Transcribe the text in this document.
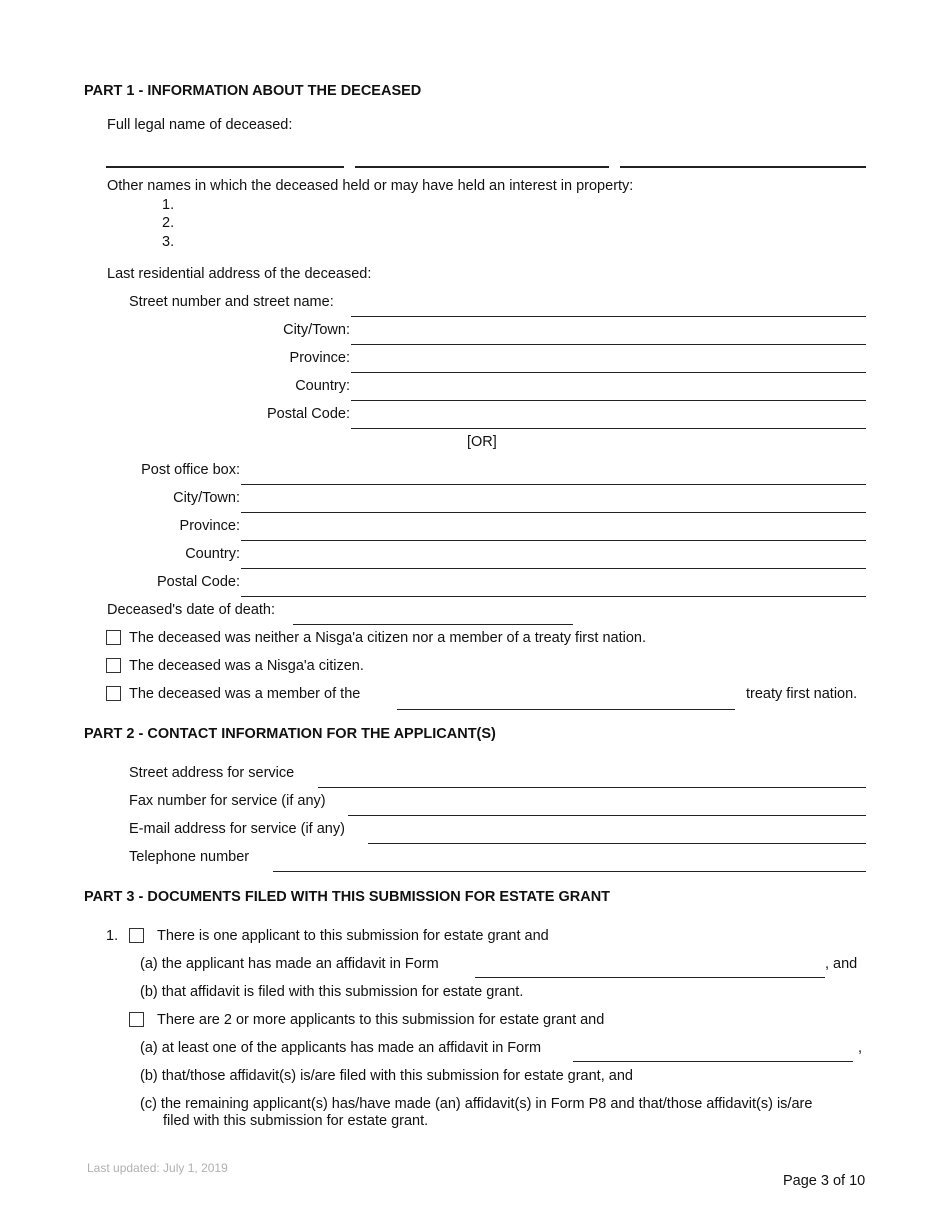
PART 1 - INFORMATION ABOUT THE DECEASED
Full legal name of deceased:
Other names in which the deceased held or may have held an interest in property:
1.
2.
3.
Last residential address of the deceased:
Street number and street name:
City/Town:
Province:
Country:
Postal Code:
[OR]
Post office box:
City/Town:
Province:
Country:
Postal Code:
Deceased's date of death:
The deceased was neither a Nisga'a citizen nor a member of a treaty first nation.
The deceased was a Nisga'a citizen.
The deceased was a member of the	treaty first nation.
PART 2 - CONTACT INFORMATION FOR THE APPLICANT(S)
Street address for service
Fax number for service (if any)
E-mail address for service (if any)
Telephone number
PART 3 - DOCUMENTS FILED WITH THIS SUBMISSION FOR ESTATE GRANT
1.	There is one applicant to this submission for estate grant and
(a) the applicant has made an affidavit in Form	, and
(b) that affidavit is filed with this submission for estate grant.
There are 2 or more applicants to this submission for estate grant and
(a) at least one of the applicants has made an affidavit in Form	,
(b) that/those affidavit(s) is/are filed with this submission for estate grant, and
(c) the remaining applicant(s) has/have made (an) affidavit(s) in Form P8 and that/those affidavit(s) is/are
filed with this submission for estate grant.
Last updated: July 1, 2019
Page 3 of 10
